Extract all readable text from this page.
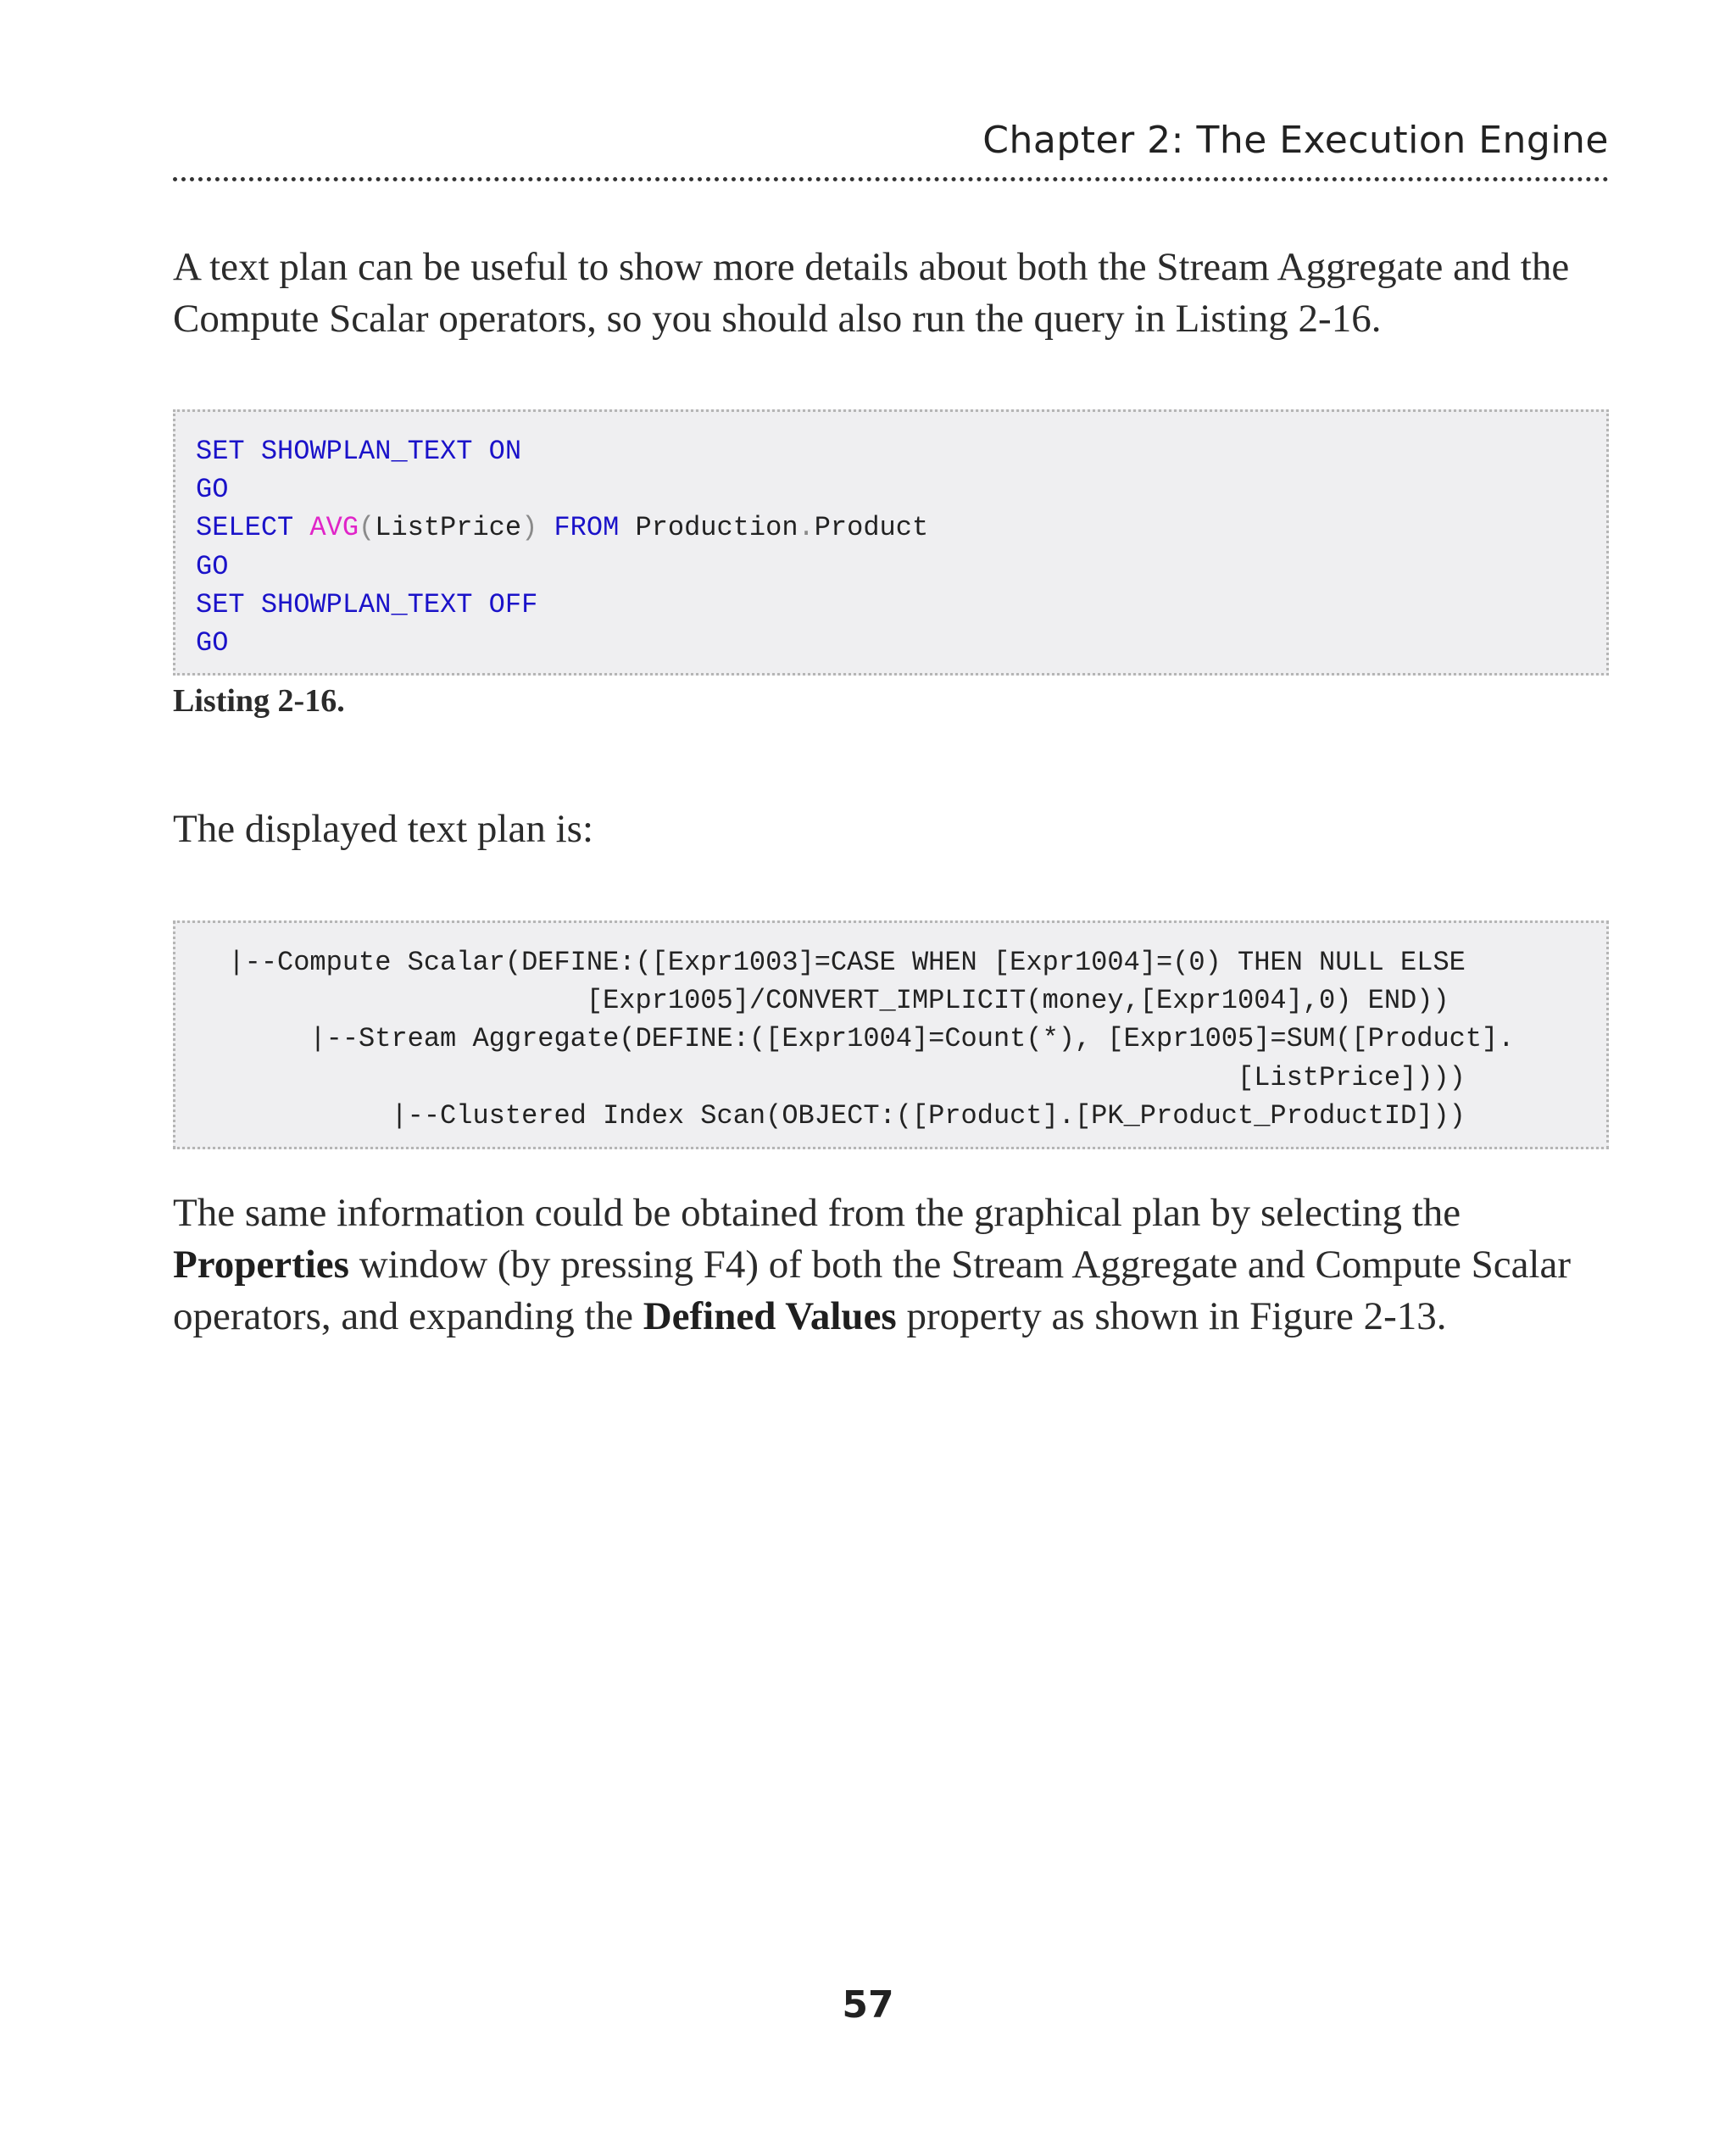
Chapter 2: The Execution Engine

A text plan can be useful to show more details about both the Stream Aggregate and the Compute Scalar operators, so you should also run the query in Listing 2-16.

SET SHOWPLAN_TEXT ON
GO
SELECT AVG(ListPrice) FROM Production.Product
GO
SET SHOWPLAN_TEXT OFF
GO
Listing 2-16.

The displayed text plan is:

|--Compute Scalar(DEFINE:([Expr1003]=CASE WHEN [Expr1004]=(0) THEN NULL ELSE
[Expr1005]/CONVERT_IMPLICIT(money,[Expr1004],0) END))
|--Stream Aggregate(DEFINE:([Expr1004]=Count(*), [Expr1005]=SUM([Product].
[ListPrice])))
|--Clustered Index Scan(OBJECT:([Product].[PK_Product_ProductID]))
The same information could be obtained from the graphical plan by selecting the
Properties window (by pressing F4) of both the Stream Aggregate and Compute Scalar
operators, and expanding the Defined Values property as shown in Figure 2-13.
57
